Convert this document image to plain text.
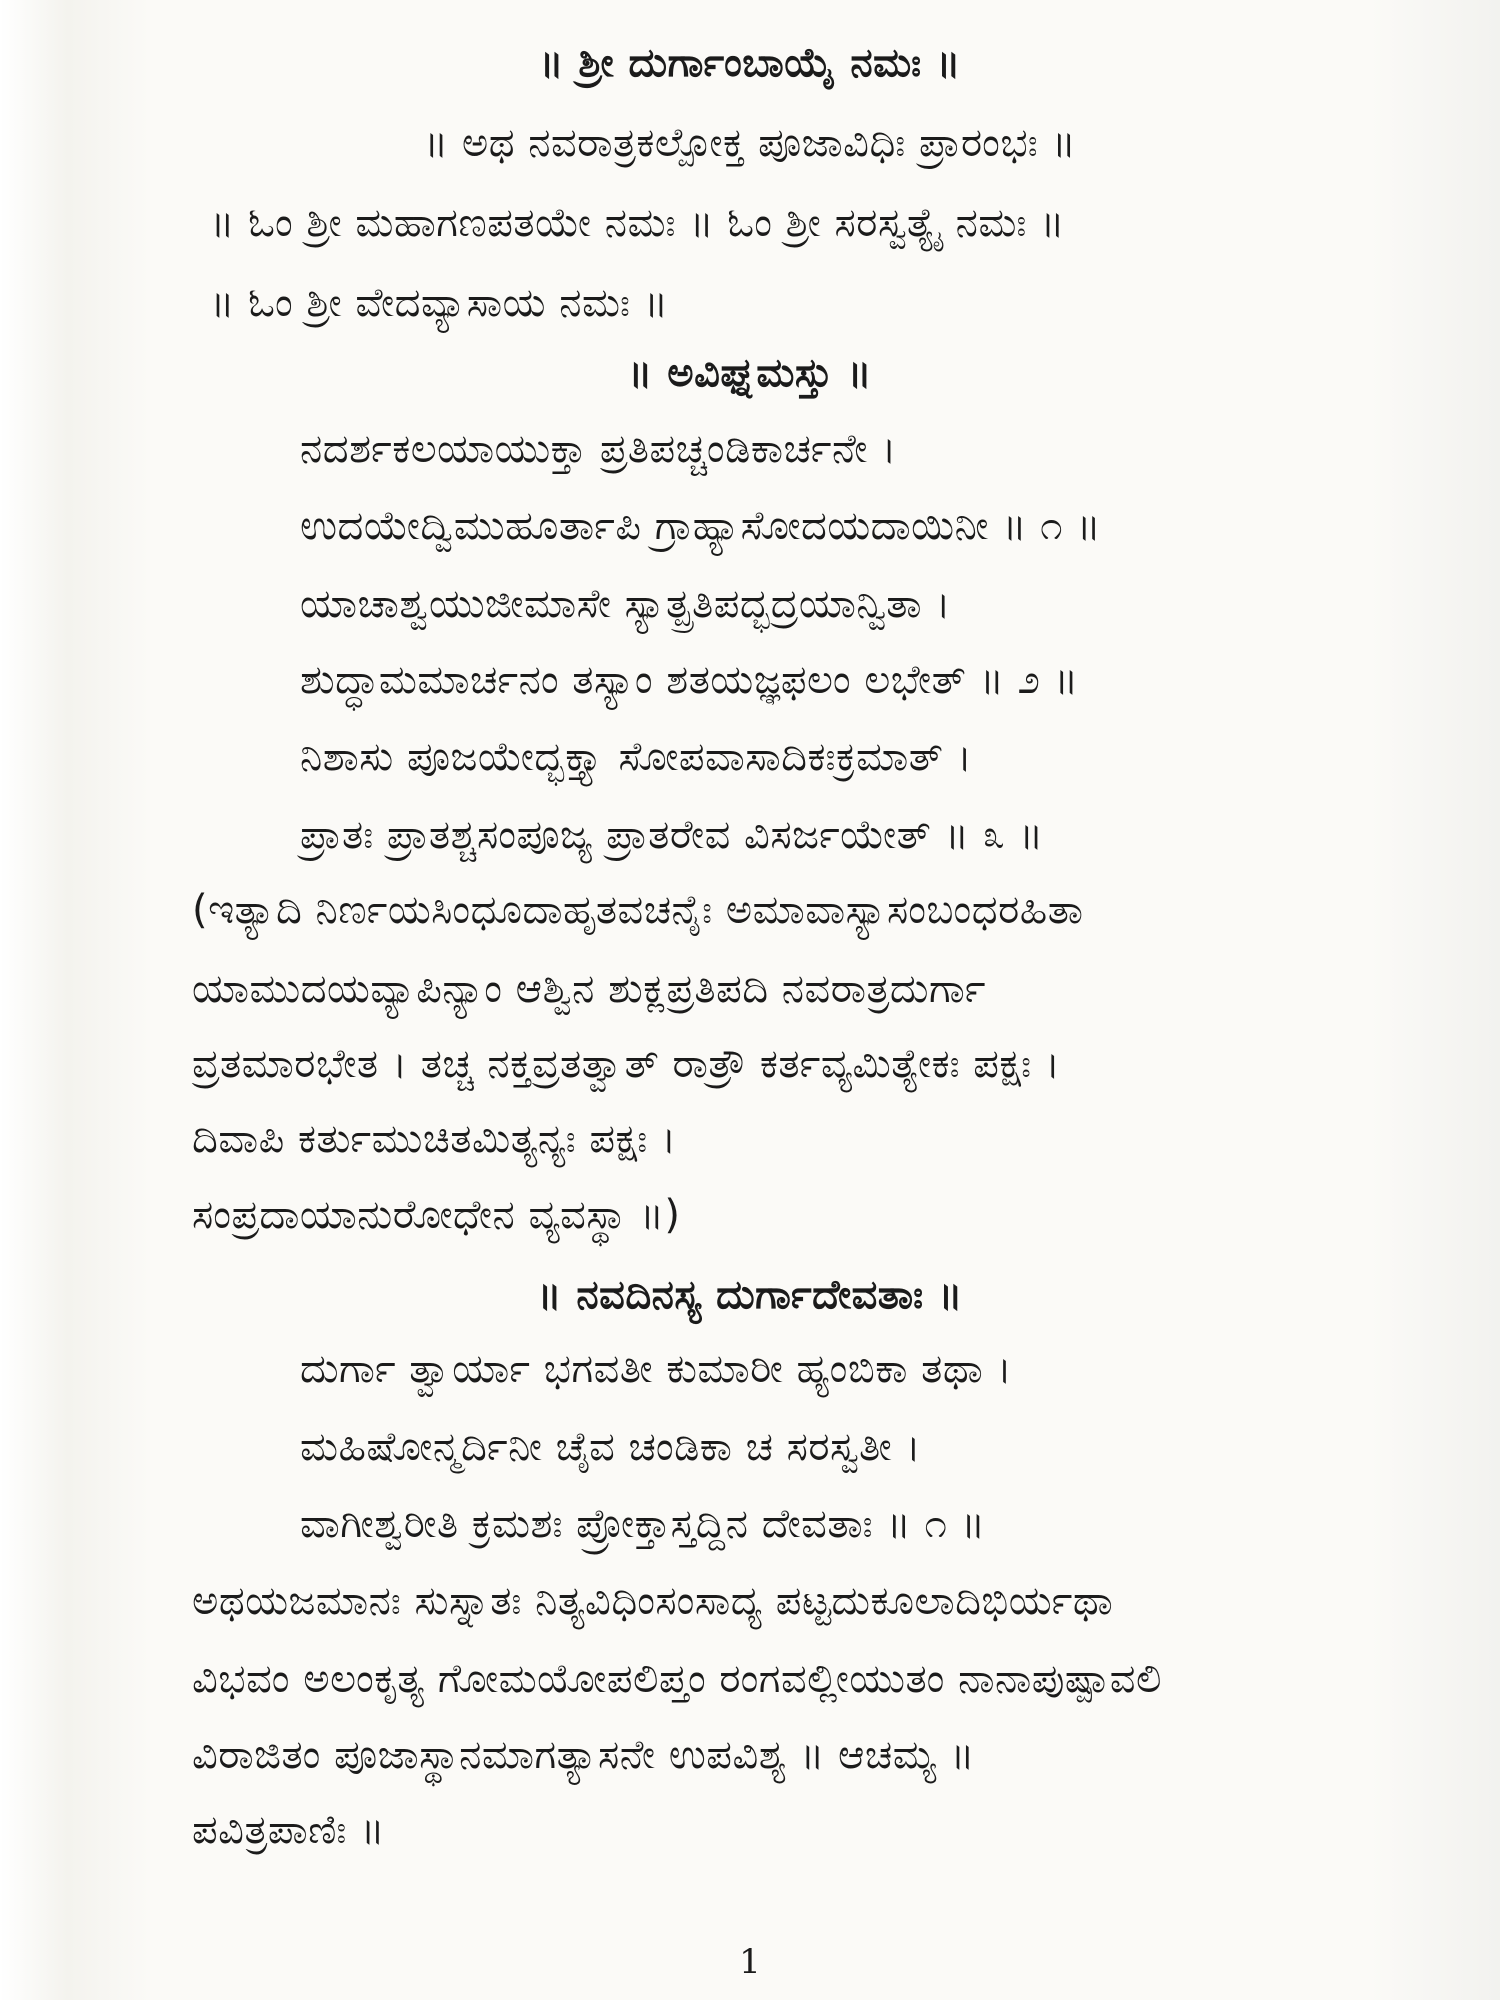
॥ ಶ್ರೀ ದುರ್ಗಾಂಬಾಯೈ ನಮಃ ॥
॥ ಅಥ ನವರಾತ್ರಕಲ್ಪೋಕ್ತ ಪೂಜಾವಿಧಿಃ ಪ್ರಾರಂಭಃ ॥
॥ ಓಂ ಶ್ರೀ ಮಹಾಗಣಪತಯೇ ನಮಃ ॥ ಓಂ ಶ್ರೀ ಸರಸ್ವತ್ಯೈ ನಮಃ ॥
॥ ಓಂ ಶ್ರೀ ವೇದವ್ಯಾಸಾಯ ನಮಃ ॥
॥ ಅವಿಘ್ನಮಸ್ತು ॥
ನದರ್ಶಕಲಯಾಯುಕ್ತಾ ಪ್ರತಿಪಚ್ಚಂಡಿಕಾರ್ಚನೇ ।
ಉದಯೇದ್ವಿಮುಹೂರ್ತಾಪಿ ಗ್ರಾಹ್ಯಾಸೋದಯದಾಯಿನೀ ॥ ೧ ॥
ಯಾಚಾಶ್ವಯುಜೀಮಾಸೇ ಸ್ಯಾತ್ಪ್ರತಿಪದ್ಭದ್ರಯಾನ್ವಿತಾ ।
ಶುದ್ಧಾಮಮಾರ್ಚನಂ ತಸ್ಯಾಂ ಶತಯಜ್ಞಫಲಂ ಲಭೇತ್ ॥ ೨ ॥
ನಿಶಾಸು ಪೂಜಯೇದ್ಭಕ್ತ್ಯಾ ಸೋಪವಾಸಾದಿಕಃಕ್ರಮಾತ್ ।
ಪ್ರಾತಃ ಪ್ರಾತಶ್ಚಸಂಪೂಜ್ಯ ಪ್ರಾತರೇವ ವಿಸರ್ಜಯೇತ್ ॥ ೩ ॥
(ಇತ್ಯಾದಿ ನಿರ್ಣಯಸಿಂಧೂದಾಹೃತವಚನೈಃ ಅಮಾವಾಸ್ಯಾಸಂಬಂಧರಹಿತಾ
ಯಾಮುದಯವ್ಯಾಪಿನ್ಯಾಂ ಆಶ್ವಿನ ಶುಕ್ಲಪ್ರತಿಪದಿ ನವರಾತ್ರದುರ್ಗಾ
ವ್ರತಮಾರಭೇತ । ತಚ್ಚ ನಕ್ತವ್ರತತ್ವಾತ್ ರಾತ್ರೌ ಕರ್ತವ್ಯಮಿತ್ಯೇಕಃ ಪಕ್ಷಃ ।
ದಿವಾಪಿ ಕರ್ತುಮುಚಿತಮಿತ್ಯನ್ಯಃ ಪಕ್ಷಃ ।
ಸಂಪ್ರದಾಯಾನುರೋಧೇನ ವ್ಯವಸ್ಥಾ ॥)
॥ ನವದಿನಸ್ಯ ದುರ್ಗಾದೇವತಾಃ ॥
ದುರ್ಗಾ ತ್ವಾರ್ಯಾ ಭಗವತೀ ಕುಮಾರೀ ಹ್ಯಂಬಿಕಾ ತಥಾ ।
ಮಹಿಷೋನ್ಮರ್ದಿನೀ ಚೈವ ಚಂಡಿಕಾ ಚ ಸರಸ್ವತೀ ।
ವಾಗೀಶ್ವರೀತಿ ಕ್ರಮಶಃ ಪ್ರೋಕ್ತಾಸ್ತದ್ದಿನ ದೇವತಾಃ ॥ ೧ ॥
ಅಥಯಜಮಾನಃ ಸುಸ್ನಾತಃ ನಿತ್ಯವಿಧಿಂಸಂಸಾದ್ಯ ಪಟ್ಟದುಕೂಲಾದಿಭಿರ್ಯಥಾ
ವಿಭವಂ ಅಲಂಕೃತ್ಯ ಗೋಮಯೋಪಲಿಪ್ತಂ ರಂಗವಲ್ಲೀಯುತಂ ನಾನಾಪುಷ್ಪಾವಲಿ
ವಿರಾಜಿತಂ ಪೂಜಾಸ್ಥಾನಮಾಗತ್ಯಾಸನೇ ಉಪವಿಶ್ಯ ॥ ಆಚಮ್ಯ ॥
ಪವಿತ್ರಪಾಣಿಃ ॥
1
